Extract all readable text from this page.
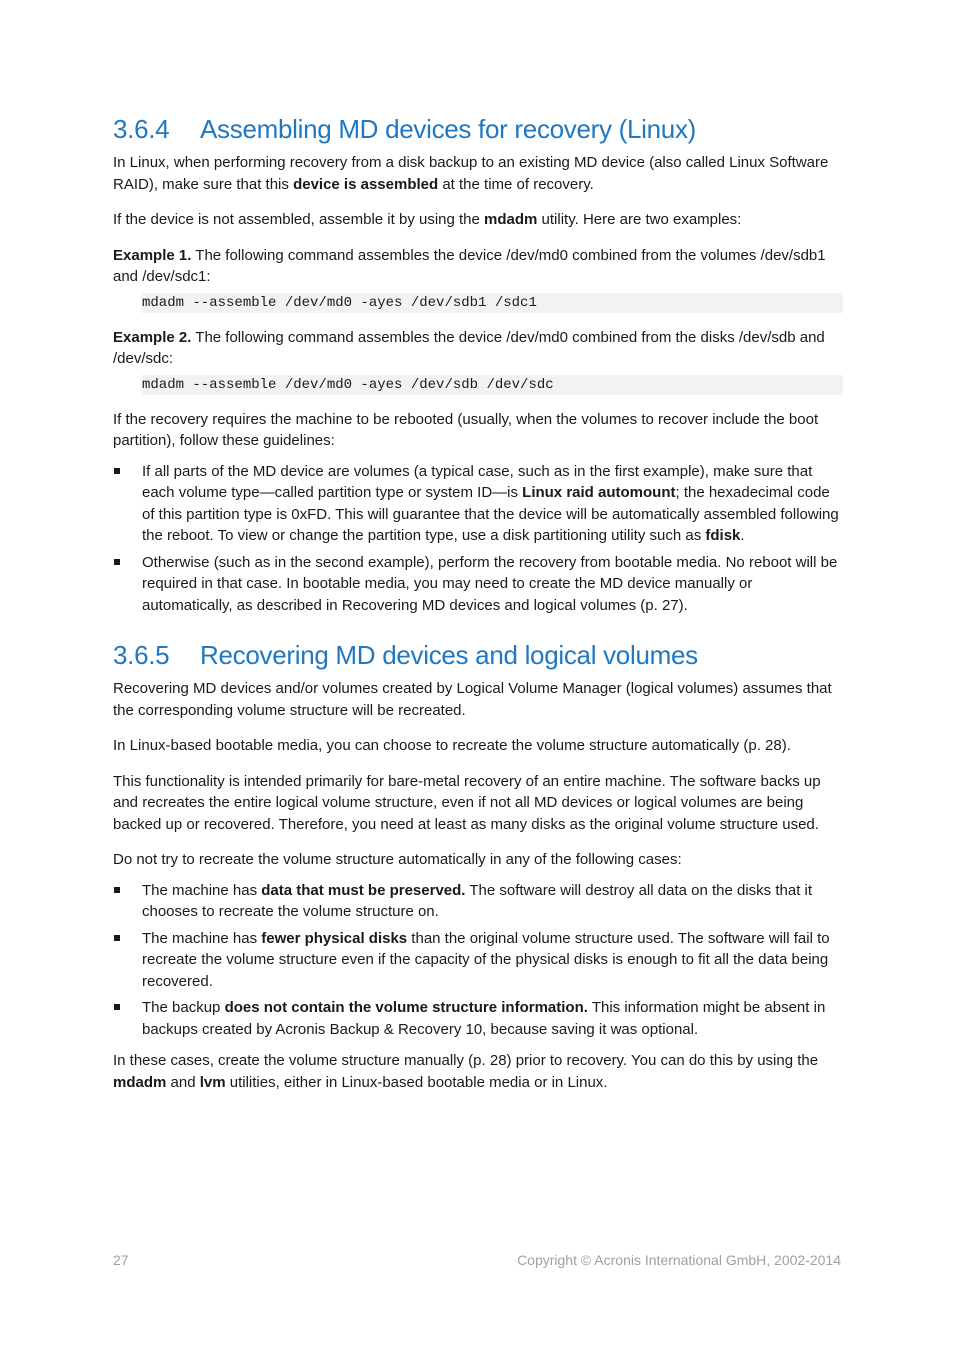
3.6.4 Assembling MD devices for recovery (Linux)

In Linux, when performing recovery from a disk backup to an existing MD device (also called Linux Software RAID), make sure that this device is assembled at the time of recovery.

If the device is not assembled, assemble it by using the mdadm utility. Here are two examples:

Example 1. The following command assembles the device /dev/md0 combined from the volumes /dev/sdb1 and /dev/sdc1:

mdadm --assemble /dev/md0 -ayes /dev/sdb1 /sdc1

Example 2. The following command assembles the device /dev/md0 combined from the disks /dev/sdb and /dev/sdc:

mdadm --assemble /dev/md0 -ayes /dev/sdb /dev/sdc

If the recovery requires the machine to be rebooted (usually, when the volumes to recover include the boot partition), follow these guidelines:

If all parts of the MD device are volumes (a typical case, such as in the first example), make sure that each volume type—called partition type or system ID—is Linux raid automount; the hexadecimal code of this partition type is 0xFD. This will guarantee that the device will be automatically assembled following the reboot. To view or change the partition type, use a disk partitioning utility such as fdisk.
Otherwise (such as in the second example), perform the recovery from bootable media. No reboot will be required in that case. In bootable media, you may need to create the MD device manually or automatically, as described in Recovering MD devices and logical volumes (p. 27).
3.6.5 Recovering MD devices and logical volumes

Recovering MD devices and/or volumes created by Logical Volume Manager (logical volumes) assumes that the corresponding volume structure will be recreated.

In Linux-based bootable media, you can choose to recreate the volume structure automatically (p. 28).

This functionality is intended primarily for bare-metal recovery of an entire machine. The software backs up and recreates the entire logical volume structure, even if not all MD devices or logical volumes are being backed up or recovered. Therefore, you need at least as many disks as the original volume structure used.

Do not try to recreate the volume structure automatically in any of the following cases:

The machine has data that must be preserved. The software will destroy all data on the disks that it chooses to recreate the volume structure on.
The machine has fewer physical disks than the original volume structure used. The software will fail to recreate the volume structure even if the capacity of the physical disks is enough to fit all the data being recovered.
The backup does not contain the volume structure information. This information might be absent in backups created by Acronis Backup & Recovery 10, because saving it was optional.

In these cases, create the volume structure manually (p. 28) prior to recovery. You can do this by using the mdadm and lvm utilities, either in Linux-based bootable media or in Linux.

27	Copyright © Acronis International GmbH, 2002-2014
